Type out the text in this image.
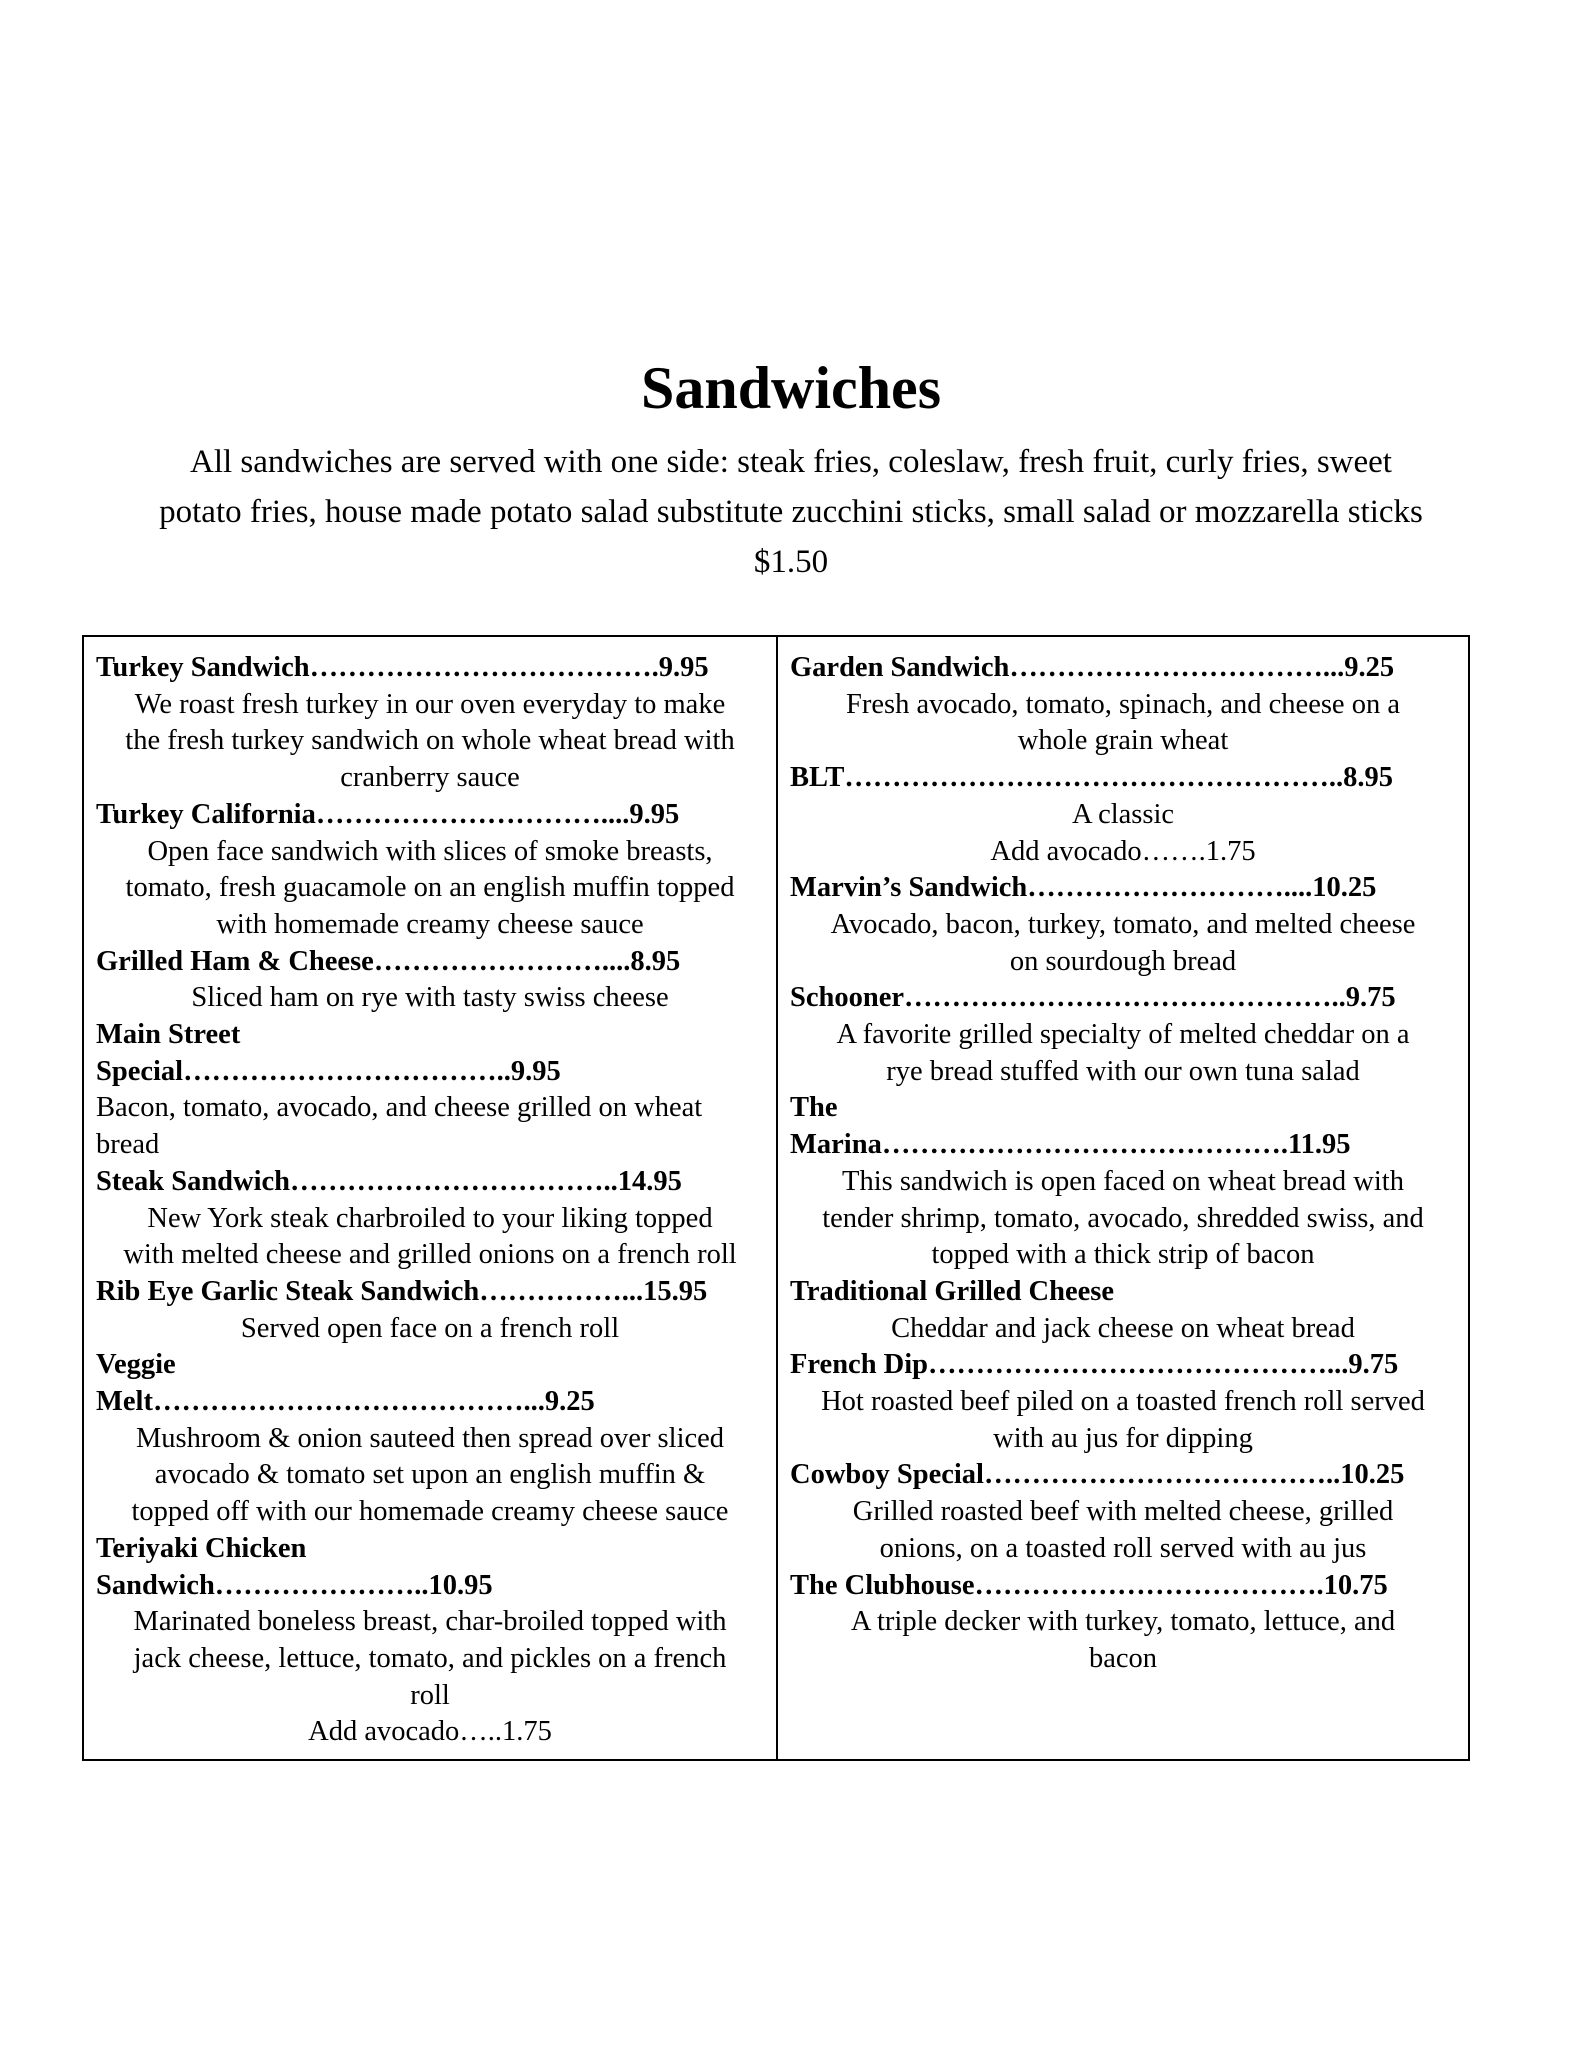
Sandwiches
All sandwiches are served with one side: steak fries, coleslaw, fresh fruit, curly fries, sweet
potato fries, house made potato salad substitute zucchini sticks, small salad or mozzarella sticks
$1.50
Turkey Sandwich……………………………….9.95
We roast fresh turkey in our oven everyday to make
the fresh turkey sandwich on whole wheat bread with
cranberry sauce
Turkey California…………………………....9.95
Open face sandwich with slices of smoke breasts,
tomato, fresh guacamole on an english muffin topped
with homemade creamy cheese sauce
Grilled Ham & Cheese……………………....8.95
Sliced ham on rye with tasty swiss cheese
Main Street
Special……………………………..9.95
Bacon, tomato, avocado, and cheese grilled on wheat
bread
Steak Sandwich……………………………..14.95
New York steak charbroiled to your liking topped
with melted cheese and grilled onions on a french roll
Rib Eye Garlic Steak Sandwich……………...15.95
Served open face on a french roll
Veggie
Melt…………………………………...9.25
Mushroom & onion sauteed then spread over sliced
avocado & tomato set upon an english muffin &
topped off with our homemade creamy cheese sauce
Teriyaki Chicken
Sandwich…………………..10.95
Marinated boneless breast, char-broiled topped with
jack cheese, lettuce, tomato, and pickles on a french
roll
Add avocado…..1.75
Garden Sandwich……………………………...9.25
Fresh avocado, tomato, spinach, and cheese on a
whole grain wheat
BLT……………………………………………..8.95
A classic
Add avocado…….1.75
Marvin’s Sandwich………………………....10.25
Avocado, bacon, turkey, tomato, and melted cheese
on sourdough bread
Schooner………………………………………..9.75
A favorite grilled specialty of melted cheddar on a
rye bread stuffed with our own tuna salad
The
Marina…………………………………….11.95
This sandwich is open faced on wheat bread with
tender shrimp, tomato, avocado, shredded swiss, and
topped with a thick strip of bacon
Traditional Grilled Cheese
Cheddar and jack cheese on wheat bread
French Dip……………………………………...9.75
Hot roasted beef piled on a toasted french roll served
with au jus for dipping
Cowboy Special………………………………..10.25
Grilled roasted beef with melted cheese, grilled
onions, on a toasted roll served with au jus
The Clubhouse……………………………….10.75
A triple decker with turkey, tomato, lettuce, and
bacon
